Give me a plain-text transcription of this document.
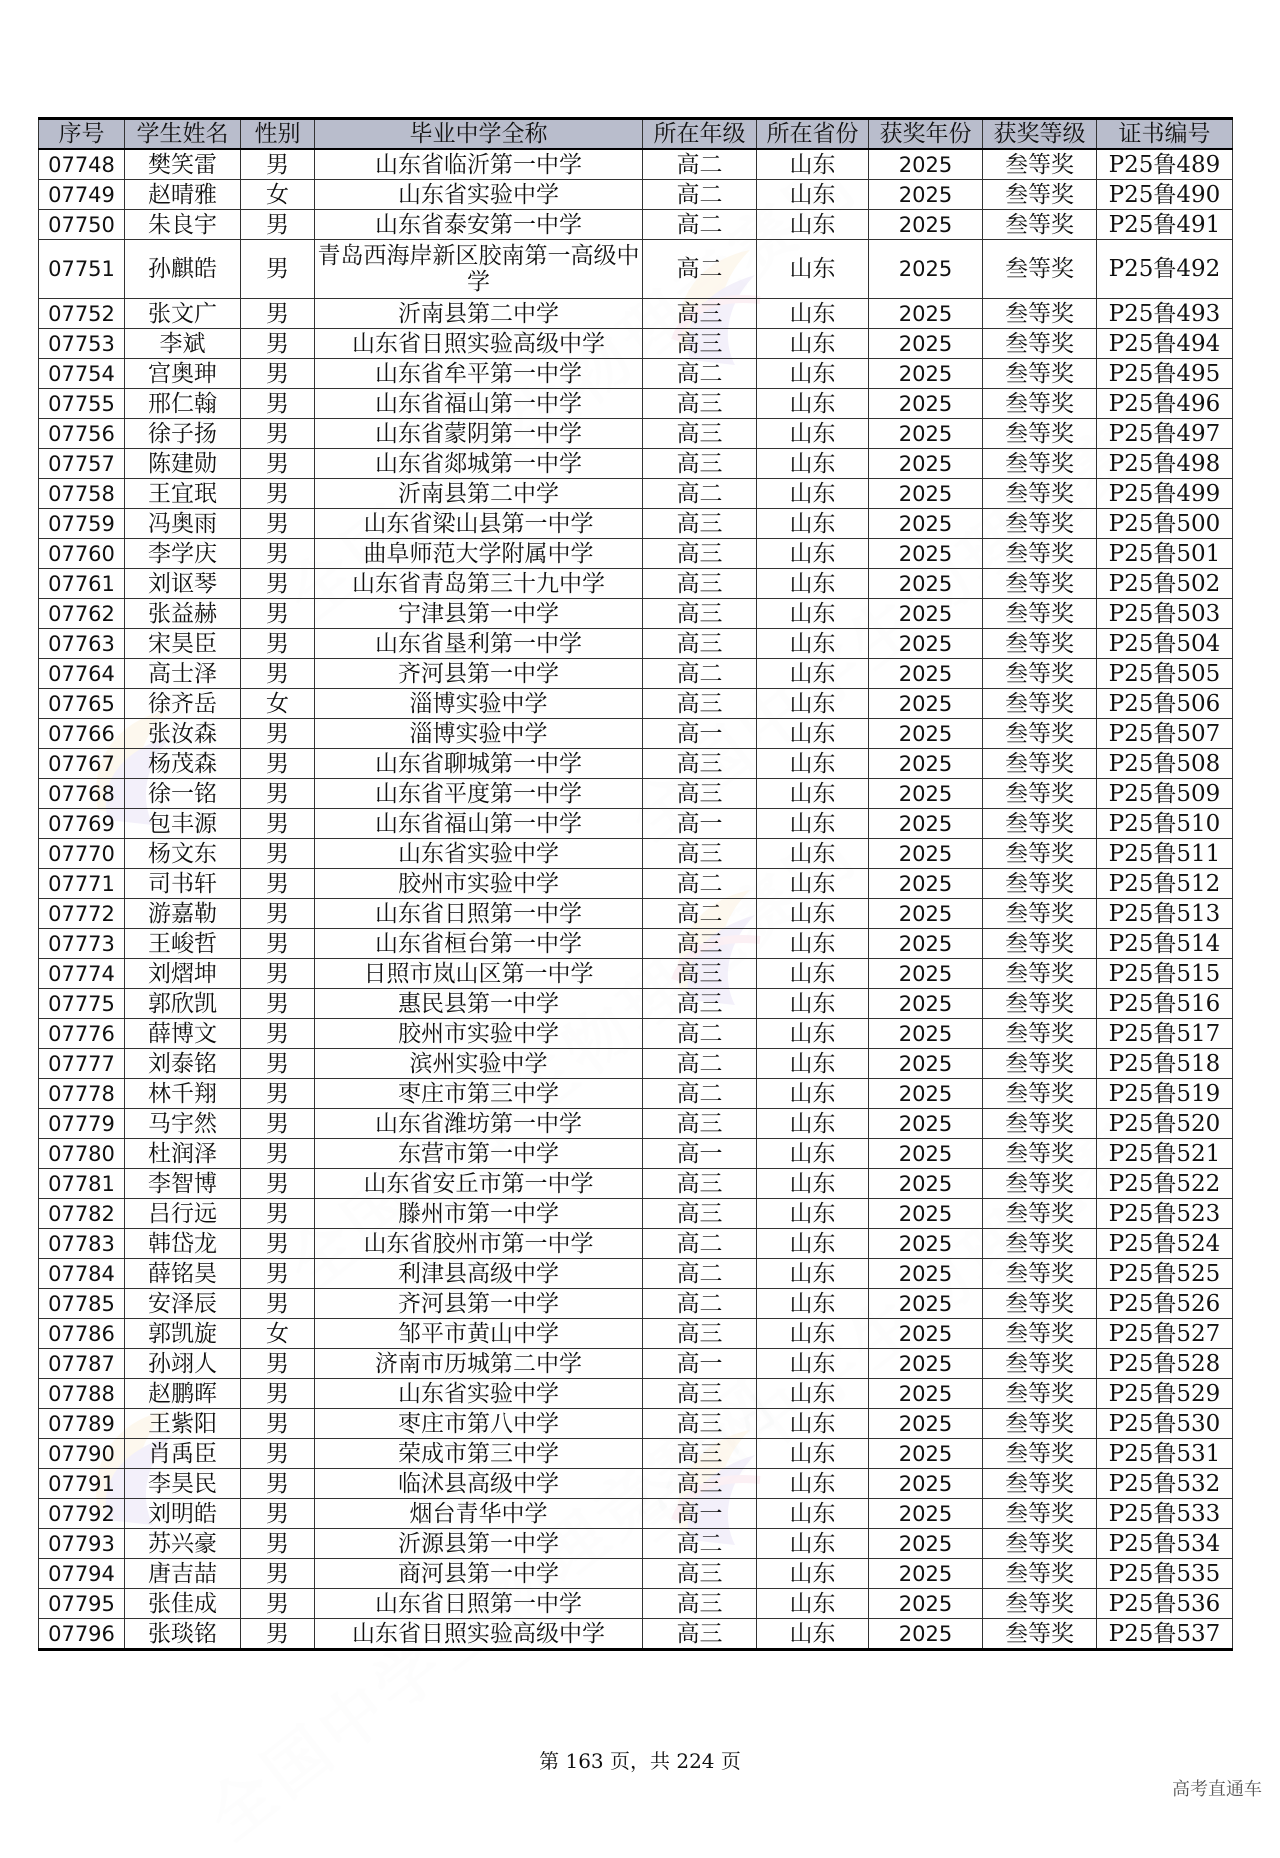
序号	学生姓名	性别	毕业中学全称	所在年级	所在省份	获奖年份	获奖等级	证书编号
07748	樊笑雷	男	山东省临沂第一中学	高二	山东	2025	叁等奖	P25鲁489
07749	赵晴雅	女	山东省实验中学	高二	山东	2025	叁等奖	P25鲁490
07750	朱良宇	男	山东省泰安第一中学	高二	山东	2025	叁等奖	P25鲁491
07751	孙麒皓	男	青岛西海岸新区胶南第一高级中学	高二	山东	2025	叁等奖	P25鲁492
07752	张文广	男	沂南县第二中学	高三	山东	2025	叁等奖	P25鲁493
07753	李斌	男	山东省日照实验高级中学	高三	山东	2025	叁等奖	P25鲁494
07754	宫奥珅	男	山东省牟平第一中学	高二	山东	2025	叁等奖	P25鲁495
07755	邢仁翰	男	山东省福山第一中学	高三	山东	2025	叁等奖	P25鲁496
07756	徐子扬	男	山东省蒙阴第一中学	高三	山东	2025	叁等奖	P25鲁497
07757	陈建勋	男	山东省郯城第一中学	高三	山东	2025	叁等奖	P25鲁498
07758	王宜珉	男	沂南县第二中学	高二	山东	2025	叁等奖	P25鲁499
07759	冯奥雨	男	山东省梁山县第一中学	高三	山东	2025	叁等奖	P25鲁500
07760	李学庆	男	曲阜师范大学附属中学	高三	山东	2025	叁等奖	P25鲁501
07761	刘讴琴	男	山东省青岛第三十九中学	高三	山东	2025	叁等奖	P25鲁502
07762	张益赫	男	宁津县第一中学	高三	山东	2025	叁等奖	P25鲁503
07763	宋昊臣	男	山东省垦利第一中学	高三	山东	2025	叁等奖	P25鲁504
07764	高士泽	男	齐河县第一中学	高二	山东	2025	叁等奖	P25鲁505
07765	徐齐岳	女	淄博实验中学	高三	山东	2025	叁等奖	P25鲁506
07766	张汝森	男	淄博实验中学	高一	山东	2025	叁等奖	P25鲁507
07767	杨茂森	男	山东省聊城第一中学	高三	山东	2025	叁等奖	P25鲁508
07768	徐一铭	男	山东省平度第一中学	高三	山东	2025	叁等奖	P25鲁509
07769	包丰源	男	山东省福山第一中学	高一	山东	2025	叁等奖	P25鲁510
07770	杨文东	男	山东省实验中学	高三	山东	2025	叁等奖	P25鲁511
07771	司书轩	男	胶州市实验中学	高二	山东	2025	叁等奖	P25鲁512
07772	游嘉勒	男	山东省日照第一中学	高二	山东	2025	叁等奖	P25鲁513
07773	王峻哲	男	山东省桓台第一中学	高三	山东	2025	叁等奖	P25鲁514
07774	刘熠坤	男	日照市岚山区第一中学	高三	山东	2025	叁等奖	P25鲁515
07775	郭欣凯	男	惠民县第一中学	高三	山东	2025	叁等奖	P25鲁516
07776	薛博文	男	胶州市实验中学	高二	山东	2025	叁等奖	P25鲁517
07777	刘泰铭	男	滨州实验中学	高二	山东	2025	叁等奖	P25鲁518
07778	林千翔	男	枣庄市第三中学	高二	山东	2025	叁等奖	P25鲁519
07779	马宇然	男	山东省潍坊第一中学	高三	山东	2025	叁等奖	P25鲁520
07780	杜润泽	男	东营市第一中学	高一	山东	2025	叁等奖	P25鲁521
07781	李智博	男	山东省安丘市第一中学	高三	山东	2025	叁等奖	P25鲁522
07782	吕行远	男	滕州市第一中学	高三	山东	2025	叁等奖	P25鲁523
07783	韩岱龙	男	山东省胶州市第一中学	高二	山东	2025	叁等奖	P25鲁524
07784	薛铭昊	男	利津县高级中学	高二	山东	2025	叁等奖	P25鲁525
07785	安泽辰	男	齐河县第一中学	高二	山东	2025	叁等奖	P25鲁526
07786	郭凯旋	女	邹平市黄山中学	高三	山东	2025	叁等奖	P25鲁527
07787	孙翊人	男	济南市历城第二中学	高一	山东	2025	叁等奖	P25鲁528
07788	赵鹏晖	男	山东省实验中学	高三	山东	2025	叁等奖	P25鲁529
07789	王紫阳	男	枣庄市第八中学	高三	山东	2025	叁等奖	P25鲁530
07790	肖禹臣	男	荣成市第三中学	高三	山东	2025	叁等奖	P25鲁531
07791	李昊民	男	临沭县高级中学	高三	山东	2025	叁等奖	P25鲁532
07792	刘明皓	男	烟台青华中学	高一	山东	2025	叁等奖	P25鲁533
07793	苏兴豪	男	沂源县第一中学	高二	山东	2025	叁等奖	P25鲁534
07794	唐吉喆	男	商河县第一中学	高三	山东	2025	叁等奖	P25鲁535
07795	张佳成	男	山东省日照第一中学	高三	山东	2025	叁等奖	P25鲁536
07796	张琰铭	男	山东省日照实验高级中学	高三	山东	2025	叁等奖	P25鲁537
第 163 页，共 224 页
高考直通车
